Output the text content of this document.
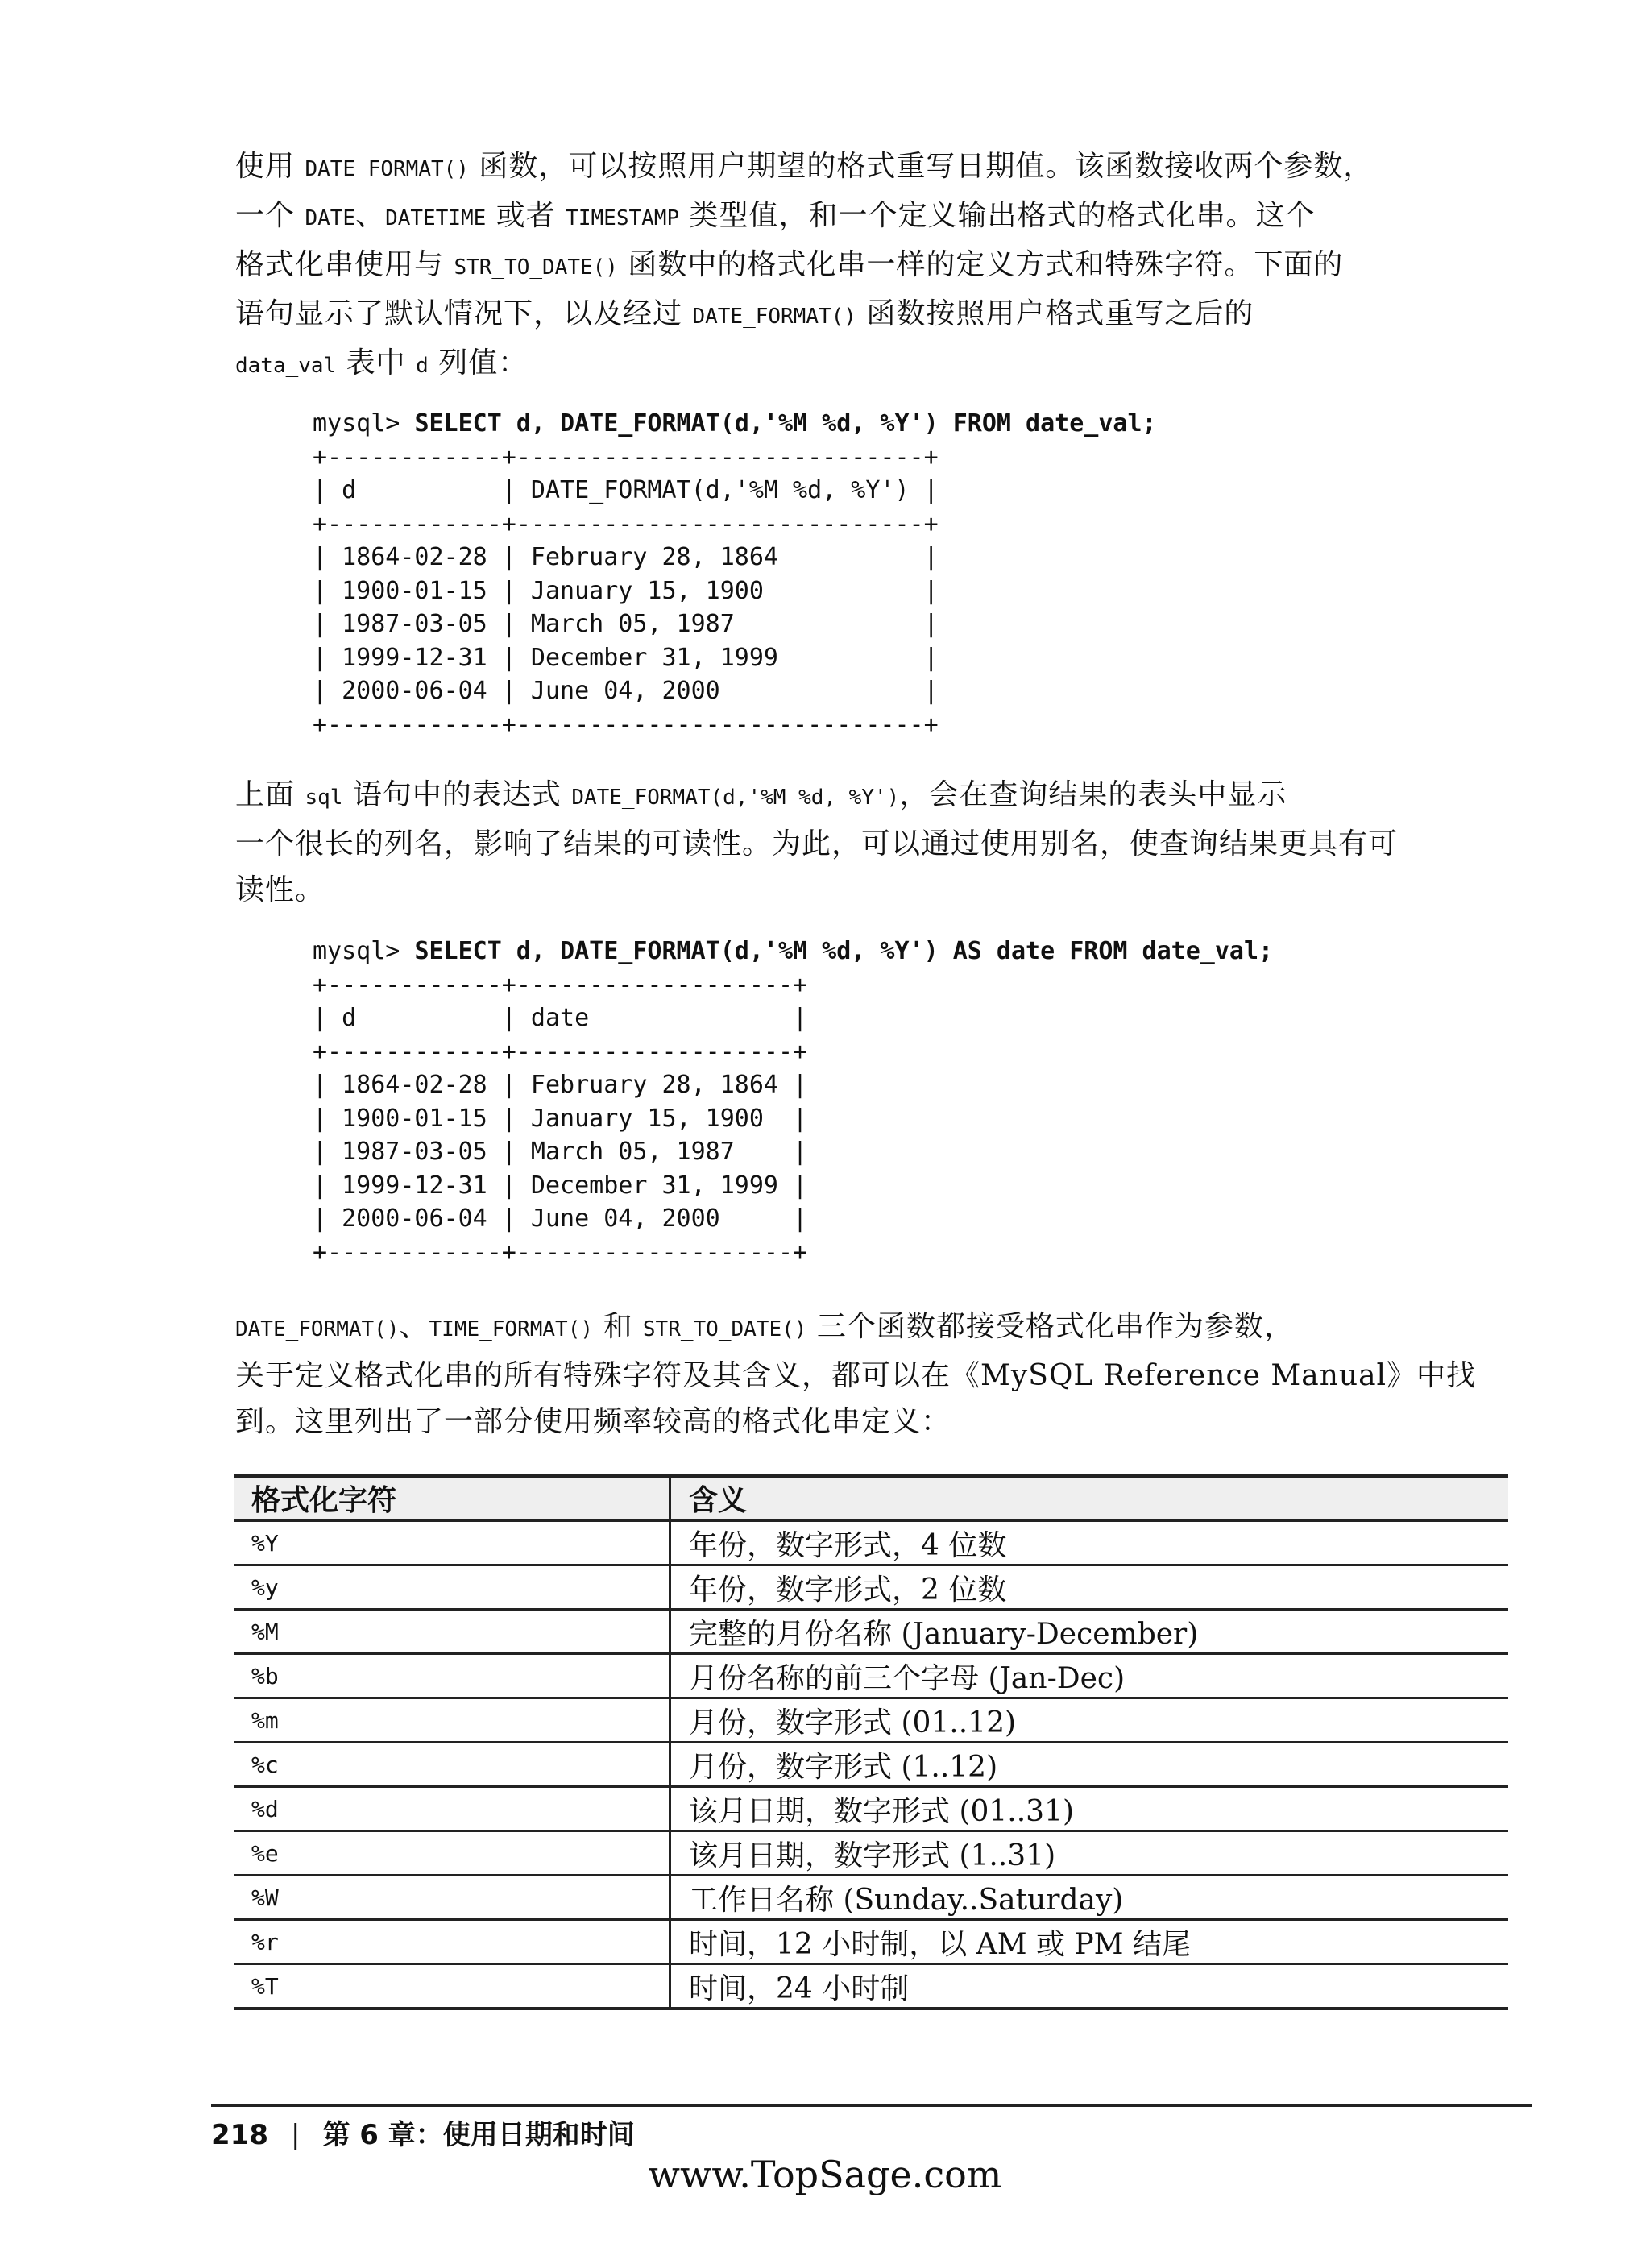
使用 DATE_FORMAT() 函数，可以按照用户期望的格式重写日期值。该函数接收两个参数，
一个 DATE、DATETIME 或者 TIMESTAMP 类型值，和一个定义输出格式的格式化串。这个
格式化串使用与 STR_TO_DATE() 函数中的格式化串一样的定义方式和特殊字符。下面的
语句显示了默认情况下，以及经过 DATE_FORMAT() 函数按照用户格式重写之后的
data_val 表中 d 列值：
mysql> SELECT d, DATE_FORMAT(d,'%M %d, %Y') FROM date_val;
+------------+----------------------------+
| d          | DATE_FORMAT(d,'%M %d, %Y') |
+------------+----------------------------+
| 1864-02-28 | February 28, 1864          |
| 1900-01-15 | January 15, 1900           |
| 1987-03-05 | March 05, 1987             |
| 1999-12-31 | December 31, 1999          |
| 2000-06-04 | June 04, 2000              |
+------------+----------------------------+
上面 sql 语句中的表达式 DATE_FORMAT(d,'%M %d, %Y')，会在查询结果的表头中显示
一个很长的列名，影响了结果的可读性。为此，可以通过使用别名，使查询结果更具有可
读性。
mysql> SELECT d, DATE_FORMAT(d,'%M %d, %Y') AS date FROM date_val;
+------------+-------------------+
| d          | date              |
+------------+-------------------+
| 1864-02-28 | February 28, 1864 |
| 1900-01-15 | January 15, 1900  |
| 1987-03-05 | March 05, 1987    |
| 1999-12-31 | December 31, 1999 |
| 2000-06-04 | June 04, 2000     |
+------------+-------------------+
DATE_FORMAT()、TIME_FORMAT() 和 STR_TO_DATE() 三个函数都接受格式化串作为参数，
关于定义格式化串的所有特殊字符及其含义，都可以在《MySQL Reference Manual》中找
到。这里列出了一部分使用频率较高的格式化串定义：
格式化字符	含义
%Y	年份，数字形式，4 位数
%y	年份，数字形式，2 位数
%M	完整的月份名称 (January-December)
%b	月份名称的前三个字母 (Jan-Dec)
%m	月份，数字形式 (01..12)
%c	月份，数字形式 (1..12)
%d	该月日期，数字形式 (01..31)
%e	该月日期，数字形式 (1..31)
%W	工作日名称 (Sunday..Saturday)
%r	时间，12 小时制，以 AM 或 PM 结尾
%T	时间，24 小时制
218 | 第 6 章：使用日期和时间
www.TopSage.com
